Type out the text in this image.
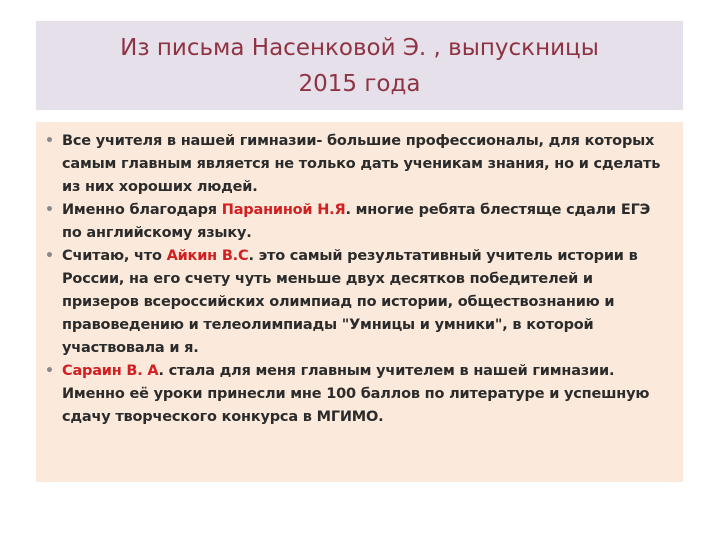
Из письма Насенковой Э. , выпускницы
2015 года
• Все учителя в нашей гимназии- большие профессионалы, для которых самым главным является не только дать ученикам знания, но и сделать из них хороших людей.
• Именно благодаря Параниной Н.Я. многие ребята блестяще сдали ЕГЭ по английскому языку.
• Считаю, что Айкин В.С. это самый результативный учитель истории в России, на его счету чуть меньше двух десятков победителей и призеров всероссийских олимпиад по истории, обществознанию и правоведению и телеолимпиады "Умницы и умники", в которой участвовала и я.
• Сараин В. А. стала для меня главным учителем в нашей гимназии. Именно её уроки принесли мне 100 баллов по литературе и успешную сдачу творческого конкурса в МГИМО.
